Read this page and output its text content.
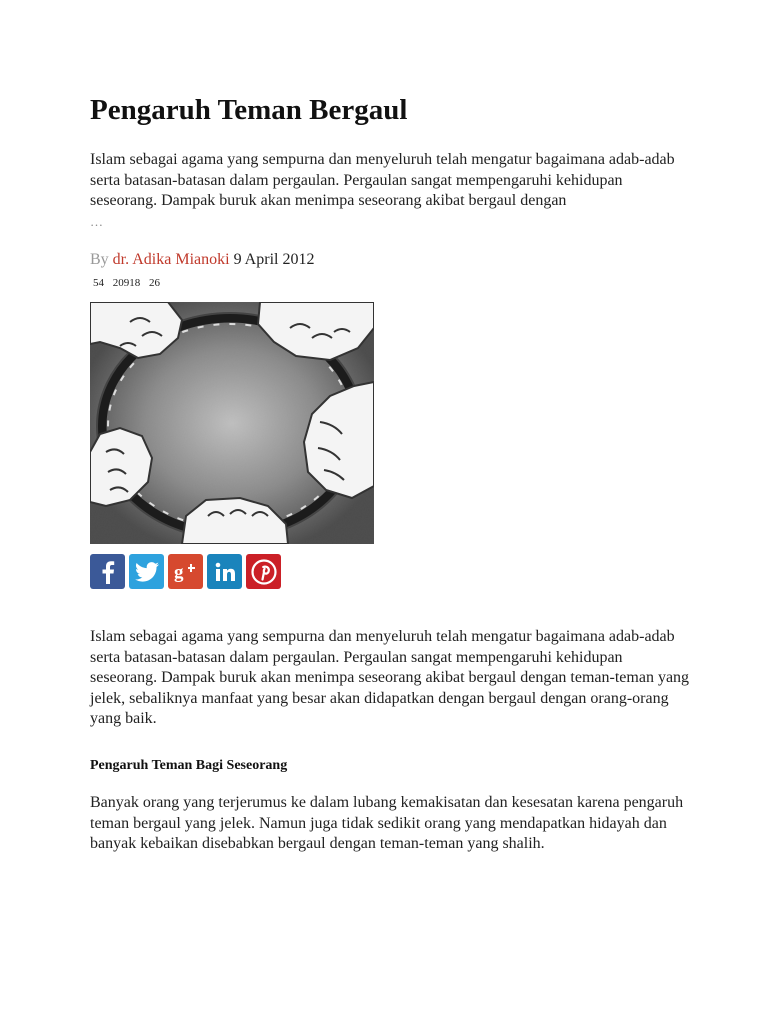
Pengaruh Teman Bergaul

Islam sebagai agama yang sempurna dan menyeluruh telah mengatur bagaimana adab-adab serta batasan-batasan dalam pergaulan. Pergaulan sangat mempengaruhi kehidupan seseorang. Dampak buruk akan menimpa seseorang akibat bergaul dengan
…

By dr. Adika Mianoki 9 April 2012
54 20918 26
g

Islam sebagai agama yang sempurna dan menyeluruh telah mengatur bagaimana adab-adab serta batasan-batasan dalam pergaulan. Pergaulan sangat mempengaruhi kehidupan seseorang. Dampak buruk akan menimpa seseorang akibat bergaul dengan teman-teman yang jelek, sebaliknya manfaat yang besar akan didapatkan dengan bergaul dengan orang-orang yang baik.

Pengaruh Teman Bagi Seseorang

Banyak orang yang terjerumus ke dalam lubang kemakisatan dan kesesatan karena pengaruh teman bergaul yang jelek. Namun juga tidak sedikit orang yang mendapatkan hidayah dan banyak kebaikan disebabkan bergaul dengan teman-teman yang shalih.
